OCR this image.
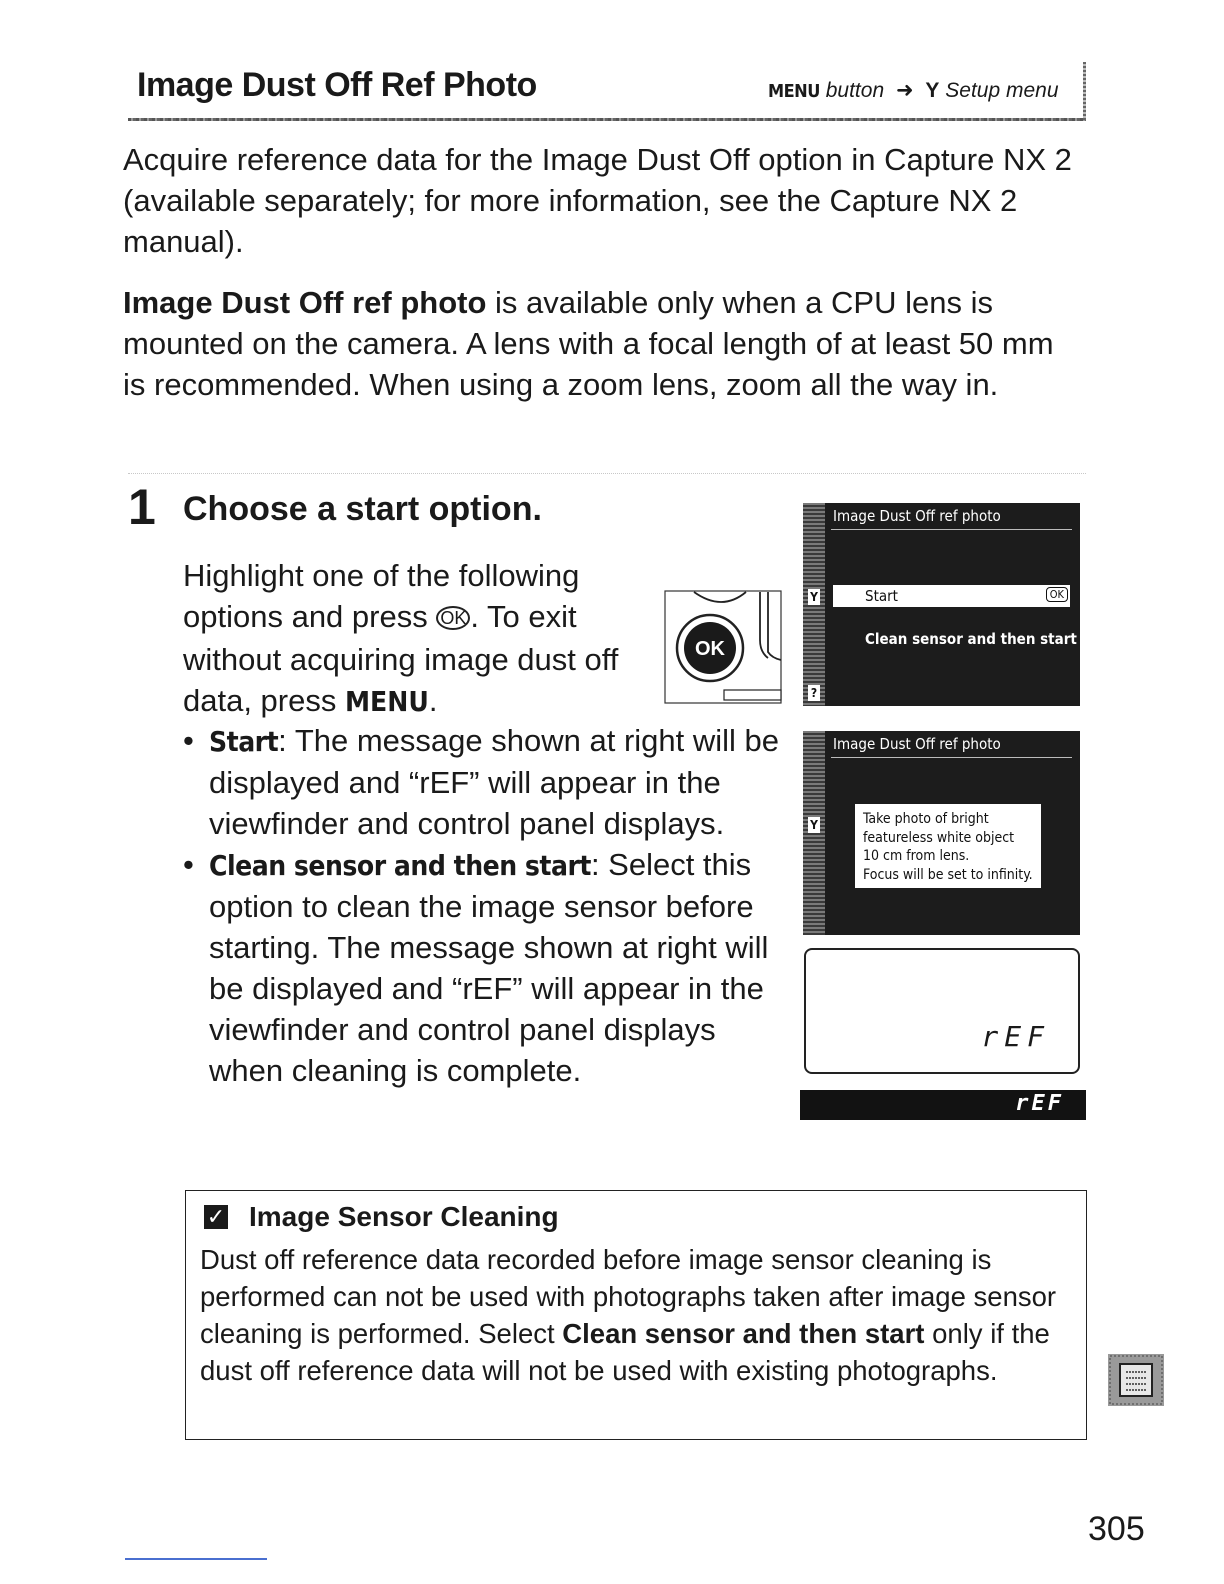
Image Dust Off Ref Photo	MENU button ➜ Y Setup menu
Acquire reference data for the Image Dust Off option in Capture NX 2 (available separately; for more information, see the Capture NX 2 manual).
Image Dust Off ref photo is available only when a CPU lens is mounted on the camera. A lens with a focal length of at least 50 mm is recommended. When using a zoom lens, zoom all the way in.
1 Choose a start option.
Highlight one of the following options and press OK . To exit without acquiring image dust off data, press MENU.
• Start: The message shown at right will be displayed and “rEF” will appear in the viewfinder and control panel displays.
• Clean sensor and then start: Select this option to clean the image sensor before starting. The message shown at right will be displayed and “rEF” will appear in the viewfinder and control panel displays when cleaning is complete.
OK
Y
?
Image Dust Off ref photo
Start	OK
Clean sensor and then start
Y
Image Dust Off ref photo
Take photo of bright
featureless white object
10 cm from lens.
Focus will be set to infinity.
rEF
rEF
✓ Image Sensor Cleaning
Dust off reference data recorded before image sensor cleaning is performed can not be used with photographs taken after image sensor cleaning is performed. Select Clean sensor and then start only if the dust off reference data will not be used with existing photographs.
305
